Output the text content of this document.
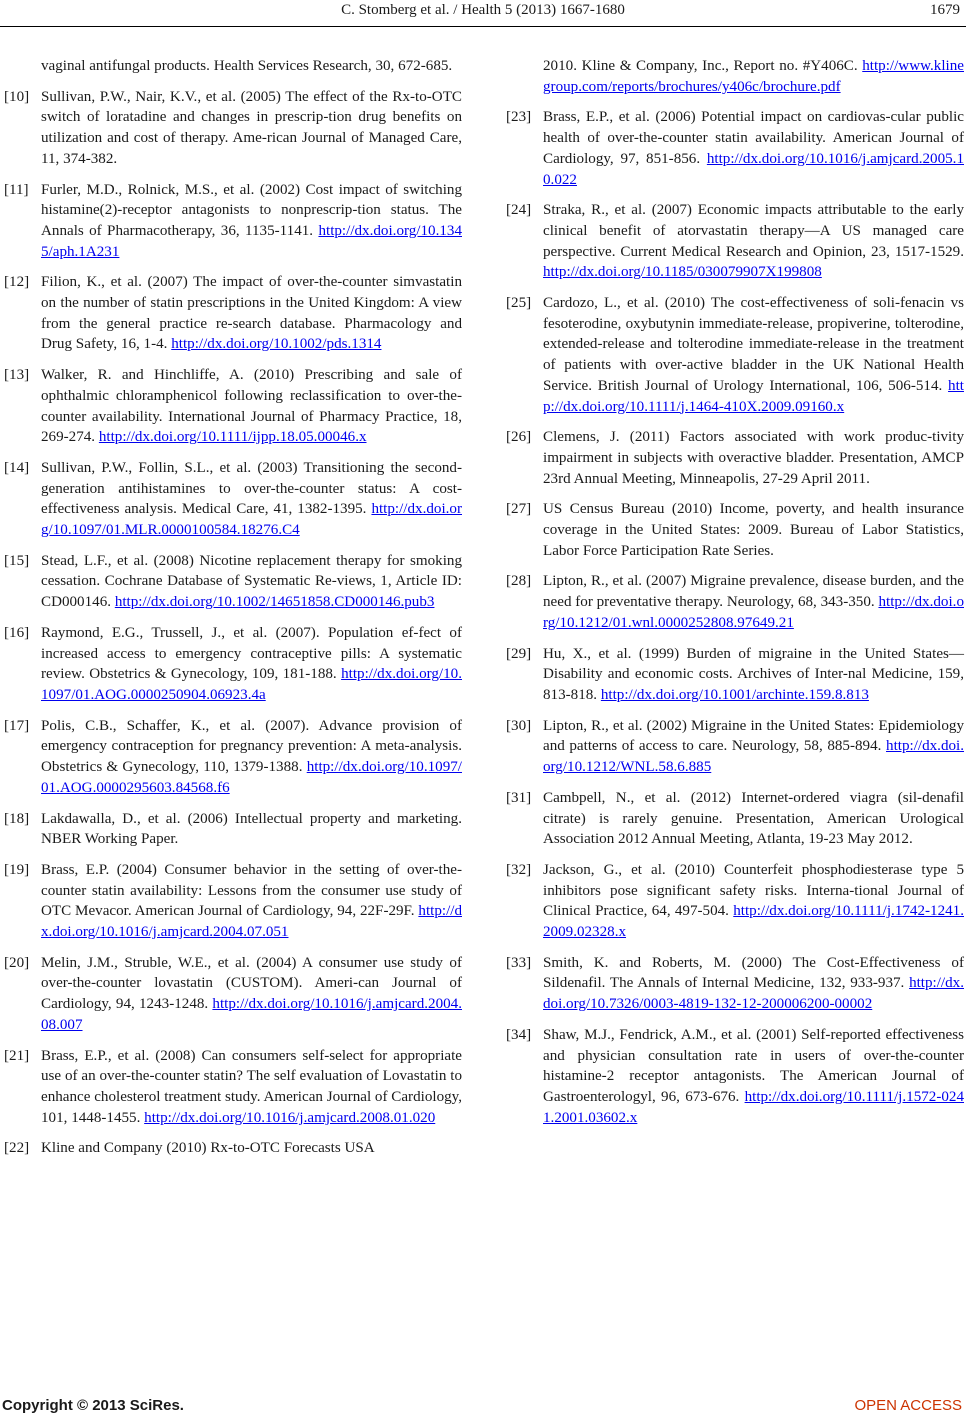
C. Stomberg et al. / Health 5 (2013) 1667-1680	1679
vaginal antifungal products. Health Services Research, 30, 672-685.
[10] Sullivan, P.W., Nair, K.V., et al. (2005) The effect of the Rx-to-OTC switch of loratadine and changes in prescrip-tion drug benefits on utilization and cost of therapy. Ame-rican Journal of Managed Care, 11, 374-382.
[11] Furler, M.D., Rolnick, M.S., et al. (2002) Cost impact of switching histamine(2)-receptor antagonists to nonprescrip-tion status. The Annals of Pharmacotherapy, 36, 1135-1141. http://dx.doi.org/10.1345/aph.1A231
[12] Filion, K., et al. (2007) The impact of over-the-counter simvastatin on the number of statin prescriptions in the United Kingdom: A view from the general practice re-search database. Pharmacology and Drug Safety, 16, 1-4. http://dx.doi.org/10.1002/pds.1314
[13] Walker, R. and Hinchliffe, A. (2010) Prescribing and sale of ophthalmic chloramphenicol following reclassification to over-the-counter availability. International Journal of Pharmacy Practice, 18, 269-274. http://dx.doi.org/10.1111/ijpp.18.05.00046.x
[14] Sullivan, P.W., Follin, S.L., et al. (2003) Transitioning the second-generation antihistamines to over-the-counter status: A cost-effectiveness analysis. Medical Care, 41, 1382-1395. http://dx.doi.org/10.1097/01.MLR.0000100584.18276.C4
[15] Stead, L.F., et al. (2008) Nicotine replacement therapy for smoking cessation. Cochrane Database of Systematic Re-views, 1, Article ID: CD000146. http://dx.doi.org/10.1002/14651858.CD000146.pub3
[16] Raymond, E.G., Trussell, J., et al. (2007). Population ef-fect of increased access to emergency contraceptive pills: A systematic review. Obstetrics & Gynecology, 109, 181-188. http://dx.doi.org/10.1097/01.AOG.0000250904.06923.4a
[17] Polis, C.B., Schaffer, K., et al. (2007). Advance provision of emergency contraception for pregnancy prevention: A meta-analysis. Obstetrics & Gynecology, 110, 1379-1388. http://dx.doi.org/10.1097/01.AOG.0000295603.84568.f6
[18] Lakdawalla, D., et al. (2006) Intellectual property and marketing. NBER Working Paper.
[19] Brass, E.P. (2004) Consumer behavior in the setting of over-the-counter statin availability: Lessons from the consumer use study of OTC Mevacor. American Journal of Cardiology, 94, 22F-29F. http://dx.doi.org/10.1016/j.amjcard.2004.07.051
[20] Melin, J.M., Struble, W.E., et al. (2004) A consumer use study of over-the-counter lovastatin (CUSTOM). Ameri-can Journal of Cardiology, 94, 1243-1248. http://dx.doi.org/10.1016/j.amjcard.2004.08.007
[21] Brass, E.P., et al. (2008) Can consumers self-select for appropriate use of an over-the-counter statin? The self evaluation of Lovastatin to enhance cholesterol treatment study. American Journal of Cardiology, 101, 1448-1455. http://dx.doi.org/10.1016/j.amjcard.2008.01.020
[22] Kline and Company (2010) Rx-to-OTC Forecasts USA
2010. Kline & Company, Inc., Report no. #Y406C. http://www.klinegroup.com/reports/brochures/y406c/brochure.pdf
[23] Brass, E.P., et al. (2006) Potential impact on cardiovas-cular public health of over-the-counter statin availability. American Journal of Cardiology, 97, 851-856. http://dx.doi.org/10.1016/j.amjcard.2005.10.022
[24] Straka, R., et al. (2007) Economic impacts attributable to the early clinical benefit of atorvastatin therapy—A US managed care perspective. Current Medical Research and Opinion, 23, 1517-1529. http://dx.doi.org/10.1185/030079907X199808
[25] Cardozo, L., et al. (2010) The cost-effectiveness of soli-fenacin vs fesoterodine, oxybutynin immediate-release, propiverine, tolterodine, extended-release and tolterodine immediate-release in the treatment of patients with over-active bladder in the UK National Health Service. British Journal of Urology International, 106, 506-514. http://dx.doi.org/10.1111/j.1464-410X.2009.09160.x
[26] Clemens, J. (2011) Factors associated with work produc-tivity impairment in subjects with overactive bladder. Presentation, AMCP 23rd Annual Meeting, Minneapolis, 27-29 April 2011.
[27] US Census Bureau (2010) Income, poverty, and health insurance coverage in the United States: 2009. Bureau of Labor Statistics, Labor Force Participation Rate Series.
[28] Lipton, R., et al. (2007) Migraine prevalence, disease burden, and the need for preventative therapy. Neurology, 68, 343-350. http://dx.doi.org/10.1212/01.wnl.0000252808.97649.21
[29] Hu, X., et al. (1999) Burden of migraine in the United States—Disability and economic costs. Archives of Inter-nal Medicine, 159, 813-818. http://dx.doi.org/10.1001/archinte.159.8.813
[30] Lipton, R., et al. (2002) Migraine in the United States: Epidemiology and patterns of access to care. Neurology, 58, 885-894. http://dx.doi.org/10.1212/WNL.58.6.885
[31] Cambpell, N., et al. (2012) Internet-ordered viagra (sil-denafil citrate) is rarely genuine. Presentation, American Urological Association 2012 Annual Meeting, Atlanta, 19-23 May 2012.
[32] Jackson, G., et al. (2010) Counterfeit phosphodiesterase type 5 inhibitors pose significant safety risks. Interna-tional Journal of Clinical Practice, 64, 497-504. http://dx.doi.org/10.1111/j.1742-1241.2009.02328.x
[33] Smith, K. and Roberts, M. (2000) The Cost-Effectiveness of Sildenafil. The Annals of Internal Medicine, 132, 933-937. http://dx.doi.org/10.7326/0003-4819-132-12-200006200-00002
[34] Shaw, M.J., Fendrick, A.M., et al. (2001) Self-reported effectiveness and physician consultation rate in users of over-the-counter histamine-2 receptor antagonists. The American Journal of Gastroenterologyl, 96, 673-676. http://dx.doi.org/10.1111/j.1572-0241.2001.03602.x
Copyright © 2013 SciRes.	OPEN ACCESS
